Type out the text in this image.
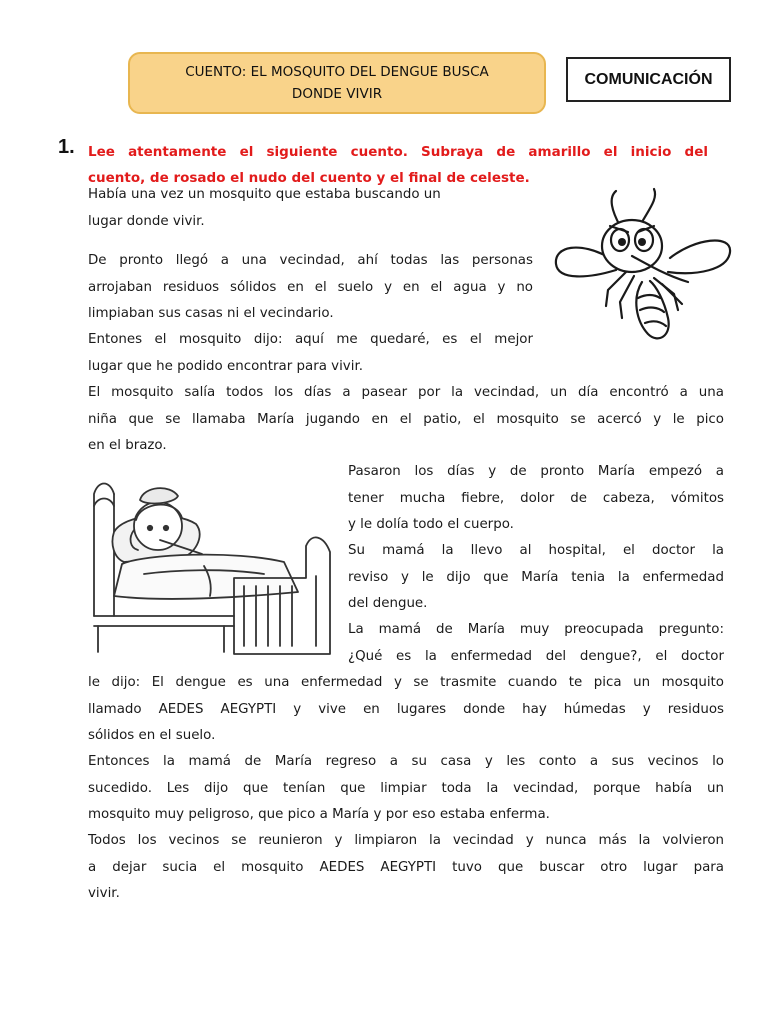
CUENTO: EL MOSQUITO DEL DENGUE BUSCA
DONDE VIVIR
COMUNICACIÓN
1. Lee atentamente el siguiente cuento. Subraya de amarillo el inicio del
cuento, de rosado el nudo del cuento y el final de celeste.
Había una vez un mosquito que estaba buscando un
lugar donde vivir.
De pronto llegó a una vecindad, ahí todas las personas
arrojaban residuos sólidos en el suelo y en el agua y no
limpiaban sus casas ni el vecindario.
Entones el mosquito dijo: aquí me quedaré, es el mejor
lugar que he podido encontrar para vivir.
El mosquito salía todos los días a pasear por la vecindad, un día encontró a una
niña que se llamaba María jugando en el patio, el mosquito se acercó y le pico
en el brazo.
Pasaron los días y de pronto María empezó a
tener mucha fiebre, dolor de cabeza, vómitos
y le dolía todo el cuerpo.
Su mamá la llevo al hospital, el doctor la
reviso y le dijo que María tenia la enfermedad
del dengue.
La mamá de María muy preocupada pregunto:
¿Qué es la enfermedad del dengue?, el doctor
le dijo: El dengue es una enfermedad y se trasmite cuando te pica un mosquito
llamado AEDES AEGYPTI y vive en lugares donde hay húmedas y residuos
sólidos en el suelo.
Entonces la mamá de María regreso a su casa y les conto a sus vecinos lo
sucedido. Les dijo que tenían que limpiar toda la vecindad, porque había un
mosquito muy peligroso, que pico a María y por eso estaba enferma.
Todos los vecinos se reunieron y limpiaron la vecindad y nunca más la volvieron
a dejar sucia el mosquito AEDES AEGYPTI tuvo que buscar otro lugar para
vivir.
